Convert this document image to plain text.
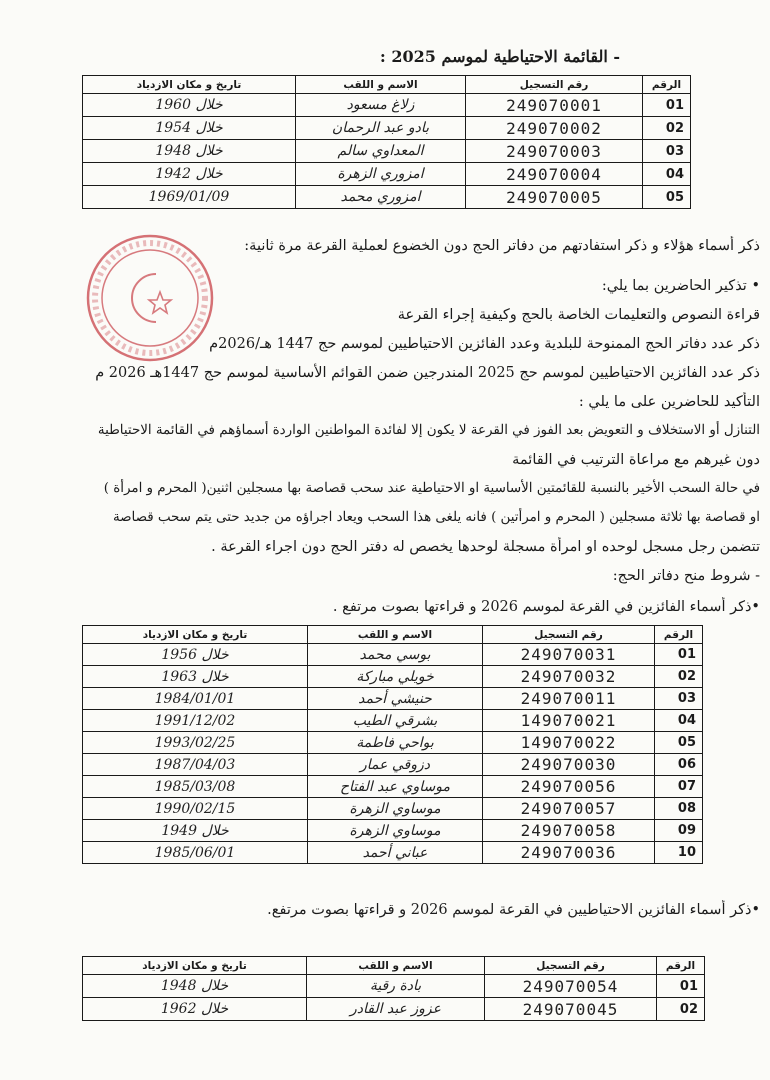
- القائمة الاحتياطية لموسم 2025 :
الرقم	رقم التسجيل	الاسم و اللقب	تاريخ و مكان الازدياد
01	249070001	زلاغ مسعود	خلال 1960
02	249070002	بادو عبد الرحمان	خلال 1954
03	249070003	المعداوي سالم	خلال 1948
04	249070004	امزوري الزهرة	خلال 1942
05	249070005	امزوري محمد	1969/01/09
ذكر أسماء هؤلاء و ذكر استفادتهم من دفاتر الحج دون الخضوع لعملية القرعة مرة ثانية:
• تذكير الحاضرين بما يلي:
قراءة النصوص والتعليمات الخاصة بالحج وكيفية إجراء القرعة
ذكر عدد دفاتر الحج الممنوحة للبلدية وعدد الفائزين الاحتياطيين لموسم حج 1447 هـ/2026م
ذكر عدد الفائزين الاحتياطيين لموسم حج 2025 المندرجين ضمن القوائم الأساسية لموسم حج 1447هـ 2026 م
التأكيد للحاضرين على ما يلي :
التنازل أو الاستخلاف و التعويض بعد الفوز في القرعة لا يكون إلا لفائدة المواطنين الواردة أسماؤهم في القائمة الاحتياطية
دون غيرهم مع مراعاة الترتيب في القائمة
في حالة السحب الأخير بالنسبة للقائمتين الأساسية او الاحتياطية عند سحب قصاصة بها مسجلين اثنين( المحرم و امرأة )
او قصاصة بها ثلاثة مسجلين ( المحرم و امرأتين ) فانه يلغى هذا السحب ويعاد اجراؤه من جديد حتى يتم سحب قصاصة
تتضمن رجل مسجل لوحده او امرأة مسجلة لوحدها يخصص له دفتر الحج دون اجراء القرعة .
- شروط منح دفاتر الحج:
•ذكر أسماء الفائزين في القرعة لموسم 2026 و قراءتها بصوت مرتفع .
الرقم	رقم التسجيل	الاسم و اللقب	تاريخ و مكان الازدياد
01	249070031	بوسي محمد	خلال 1956
02	249070032	خويلي مباركة	خلال 1963
03	249070011	حنيشي أحمد	1984/01/01
04	149070021	بشرقي الطيب	1991/12/02
05	149070022	بواحي فاطمة	1993/02/25
06	249070030	دزوقي عمار	1987/04/03
07	249070056	موساوي عبد الفتاح	1985/03/08
08	249070057	موساوي الزهرة	1990/02/15
09	249070058	موساوي الزهرة	خلال 1949
10	249070036	عباني أحمد	1985/06/01
•ذكر أسماء الفائزين الاحتياطيين في القرعة لموسم 2026 و قراءتها بصوت مرتفع.
الرقم	رقم التسجيل	الاسم و اللقب	تاريخ و مكان الازدياد
01	249070054	بادة رقية	خلال 1948
02	249070045	عزوز عبد القادر	خلال 1962
